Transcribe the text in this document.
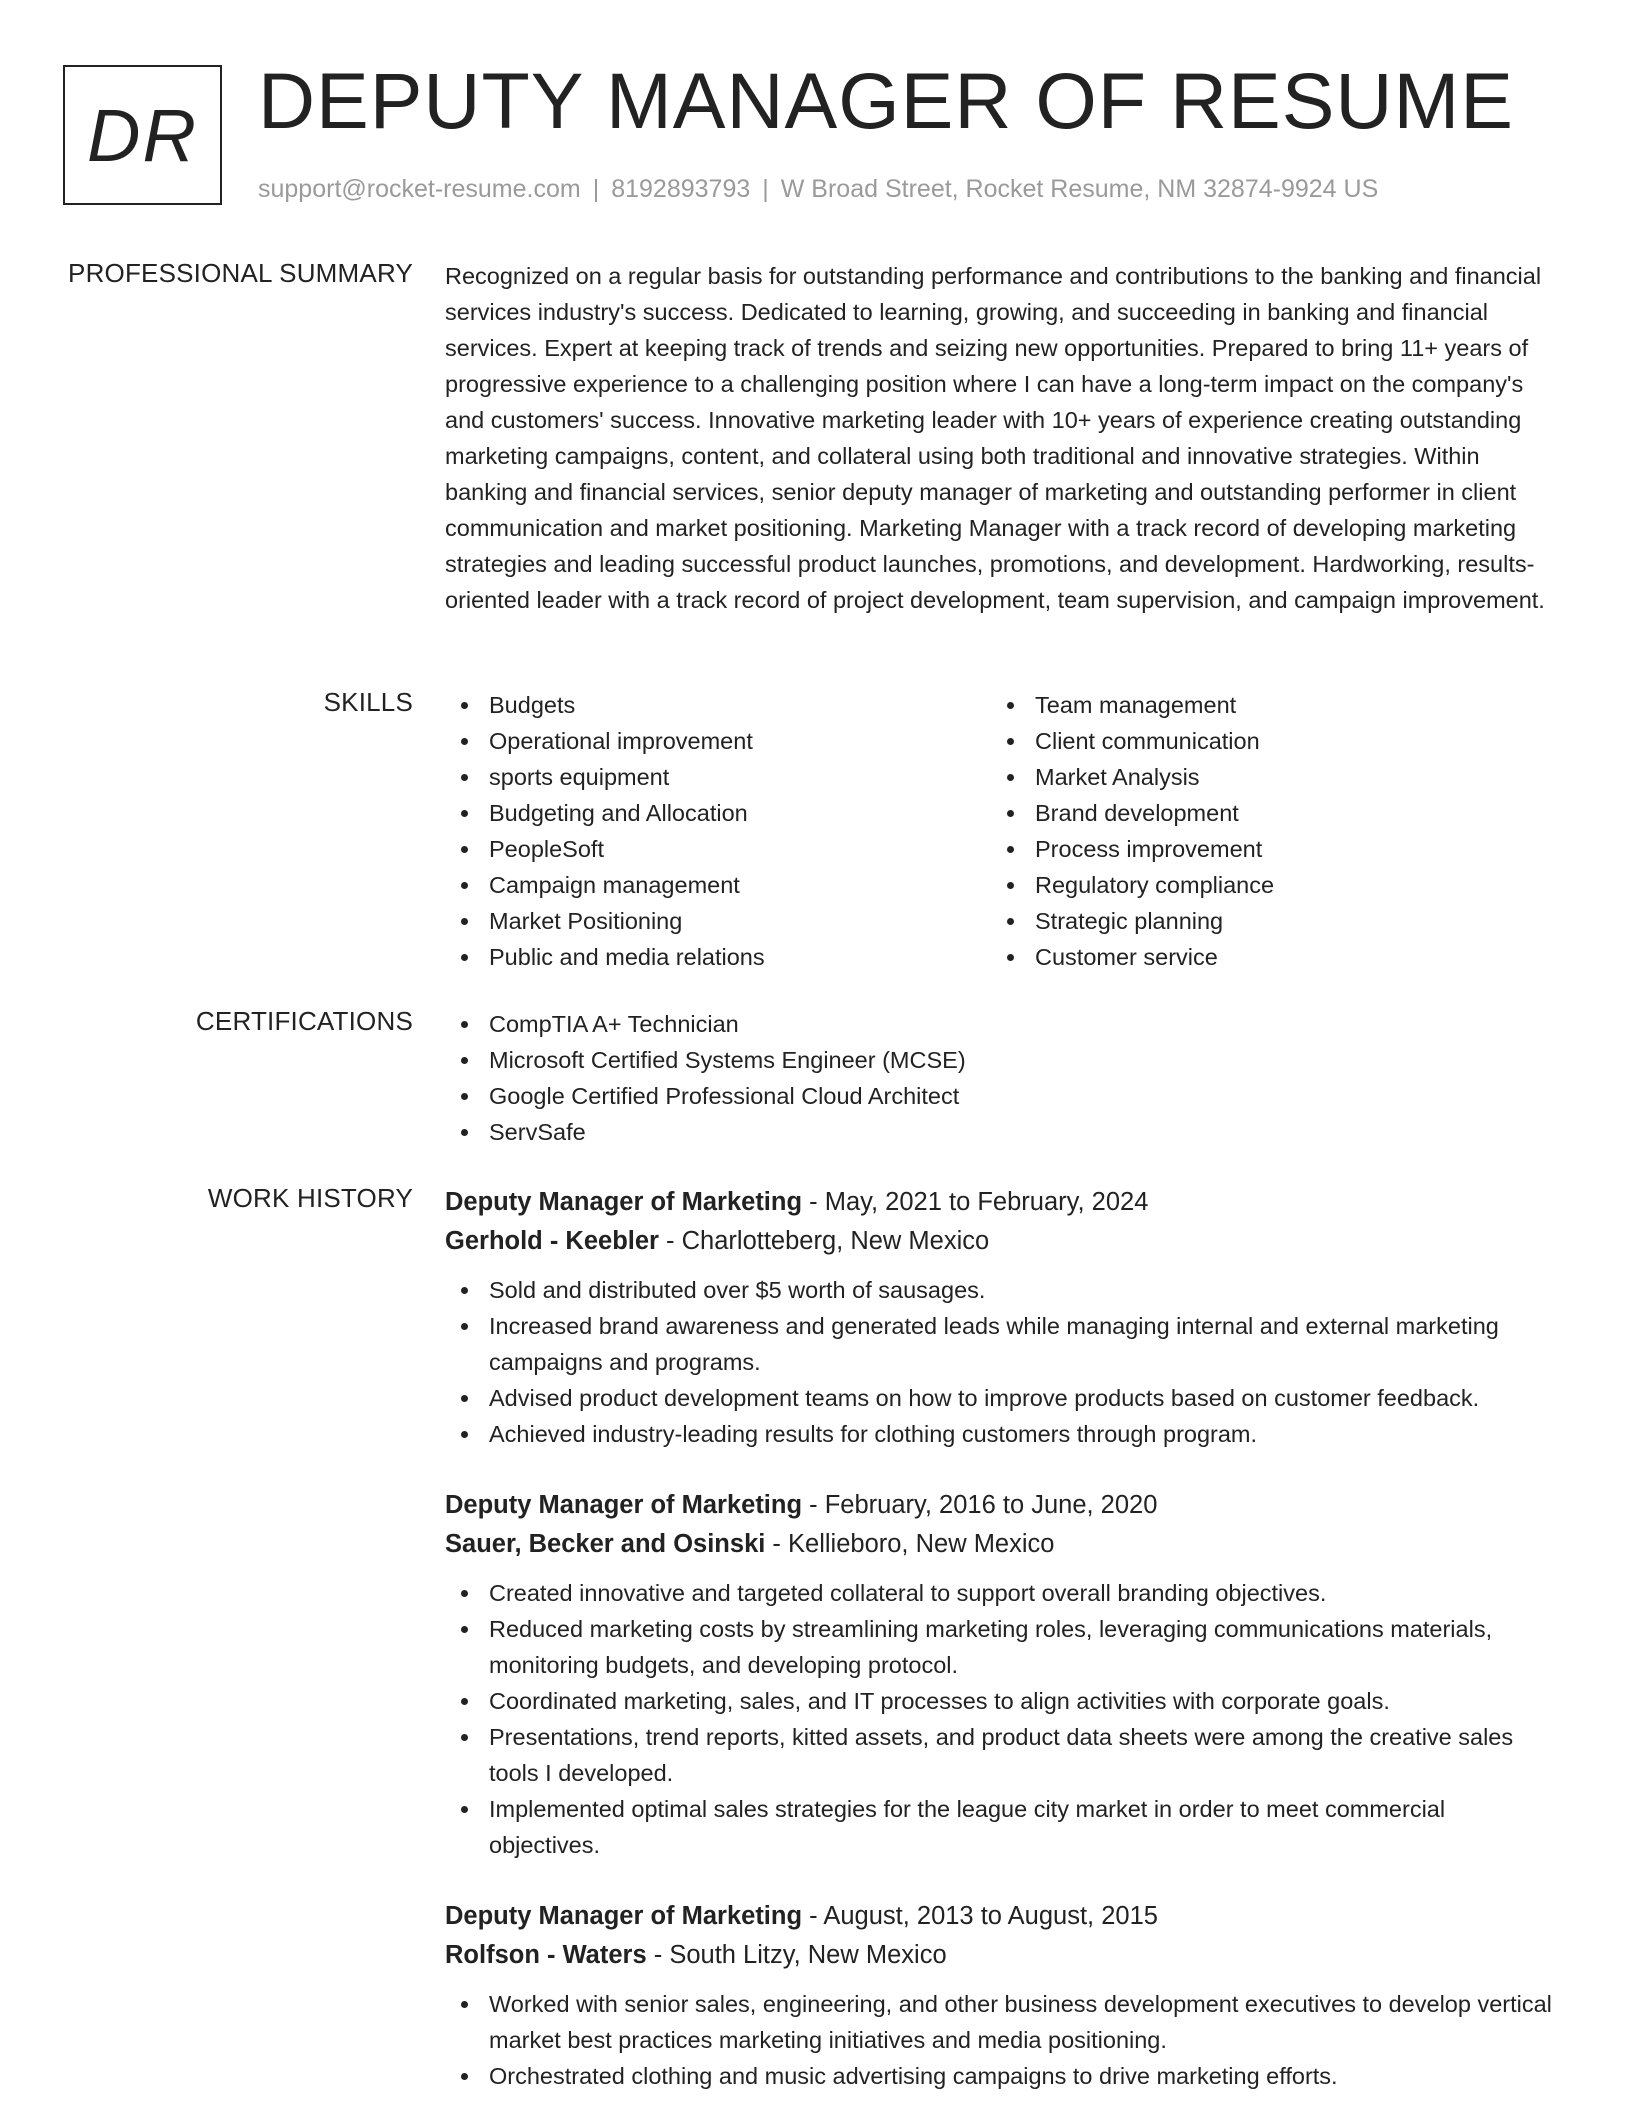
DR DEPUTY MANAGER OF RESUME
support@rocket-resume.com | 8192893793 | W Broad Street, Rocket Resume, NM 32874-9924 US
PROFESSIONAL SUMMARY Recognized on a regular basis for outstanding performance and contributions to the banking and financial services industry's success. Dedicated to learning, growing, and succeeding in banking and financial services. Expert at keeping track of trends and seizing new opportunities. Prepared to bring 11+ years of progressive experience to a challenging position where I can have a long-term impact on the company's and customers' success. Innovative marketing leader with 10+ years of experience creating outstanding marketing campaigns, content, and collateral using both traditional and innovative strategies. Within banking and financial services, senior deputy manager of marketing and outstanding performer in client communication and market positioning. Marketing Manager with a track record of developing marketing strategies and leading successful product launches, promotions, and development. Hardworking, results-oriented leader with a track record of project development, team supervision, and campaign improvement.

SKILLS	Budgets
Operational improvement
sports equipment
Budgeting and Allocation
PeopleSoft
Campaign management
Market Positioning
Public and media relations
Team management
Client communication
Market Analysis
Brand development
Process improvement
Regulatory compliance
Strategic planning
Customer service
CERTIFICATIONS	CompTIA A+ Technician
Microsoft Certified Systems Engineer (MCSE)
Google Certified Professional Cloud Architect
ServSafe
WORK HISTORY Deputy Manager of Marketing - May, 2021 to February, 2024
Gerhold - Keebler - Charlotteberg, New Mexico
Sold and distributed over $5 worth of sausages.
Increased brand awareness and generated leads while managing internal and external marketing campaigns and programs.
Advised product development teams on how to improve products based on customer feedback.
Achieved industry-leading results for clothing customers through program.
Deputy Manager of Marketing - February, 2016 to June, 2020
Sauer, Becker and Osinski - Kellieboro, New Mexico
Created innovative and targeted collateral to support overall branding objectives.
Reduced marketing costs by streamlining marketing roles, leveraging communications materials, monitoring budgets, and developing protocol.
Coordinated marketing, sales, and IT processes to align activities with corporate goals.
Presentations, trend reports, kitted assets, and product data sheets were among the creative sales tools I developed.
Implemented optimal sales strategies for the league city market in order to meet commercial objectives.
Deputy Manager of Marketing - August, 2013 to August, 2015
Rolfson - Waters - South Litzy, New Mexico
Worked with senior sales, engineering, and other business development executives to develop vertical market best practices marketing initiatives and media positioning.
Orchestrated clothing and music advertising campaigns to drive marketing efforts.
